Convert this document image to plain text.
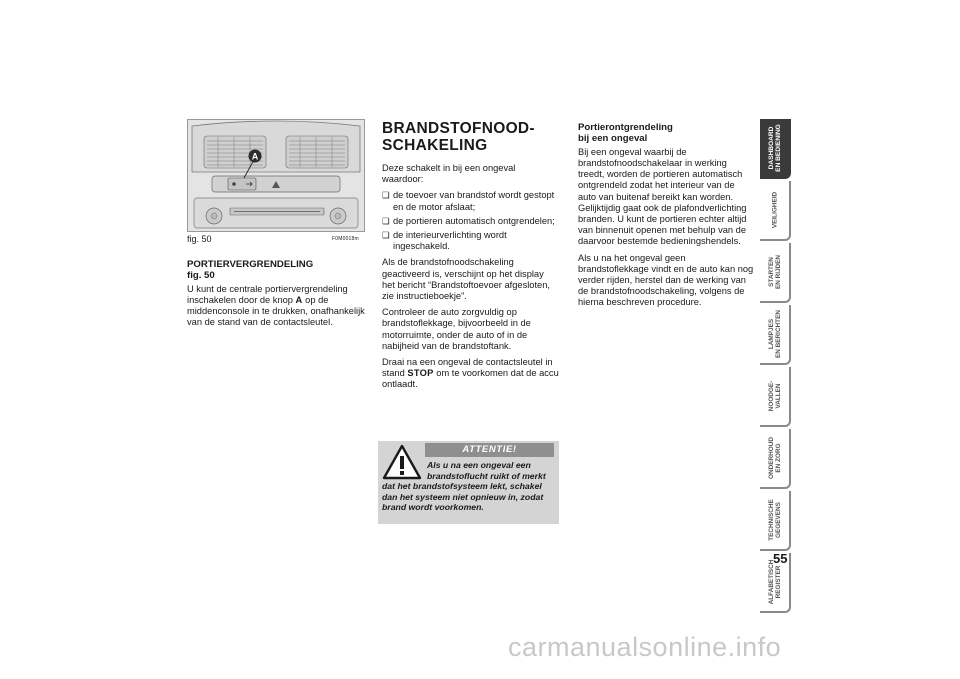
A
fig. 50	F0M0018m
PORTIERVERGRENDELING
fig. 50

U kunt de centrale portiervergrendeling inschakelen door de knop A op de middenconsole in te drukken, onafhankelijk van de stand van de contactsleutel.

BRANDSTOFNOOD-
SCHAKELING

Deze schakelt in bij een ongeval waardoor:

❏ de toevoer van brandstof wordt gestopt en de motor afslaat;
❏ de portieren automatisch ontgrendelen;
❏ de interieurverlichting wordt ingeschakeld.

Als de brandstofnoodschakeling geactiveerd is, verschijnt op het display het bericht “Brandstoftoevoer afgesloten, zie instructieboekje”.

Controleer de auto zorgvuldig op brandstoflekkage, bijvoorbeeld in de motorruimte, onder de auto of in de nabijheid van de brandstoftank.

Draai na een ongeval de contactsleutel in stand STOP om te voorkomen dat de accu ontlaadt.

ATTENTIE!
Als u na een ongeval een
brandstoflucht ruikt of merkt
dat het brandstofsysteem lekt, schakel dan het systeem niet opnieuw in, zodat brand wordt voorkomen.
Portierontgrendeling
bij een ongeval

Bij een ongeval waarbij de brandstofnoodschakelaar in werking treedt, worden de portieren automatisch ontgrendeld zodat het interieur van de auto van buitenaf bereikt kan worden. Gelijktijdig gaat ook de plafondverlichting branden. U kunt de portieren echter altijd van binnenuit openen met behulp van de daarvoor bestemde bedieningshendels.

Als u na het ongeval geen brandstoflekkage vindt en de auto kan nog verder rijden, herstel dan de werking van de brandstofnoodschakeling, volgens de hierna beschreven procedure.

DASHBOARD
EN BEDIENING
VEILIGHEID
STARTEN
EN RIJDEN
LAMPJES
EN BERICHTEN
NOODGE-
VALLEN
ONDERHOUD
EN ZORG
TECHNISCHE
GEGEVENS
ALFABETISCH
REGISTER
55
carmanualsonline.info
